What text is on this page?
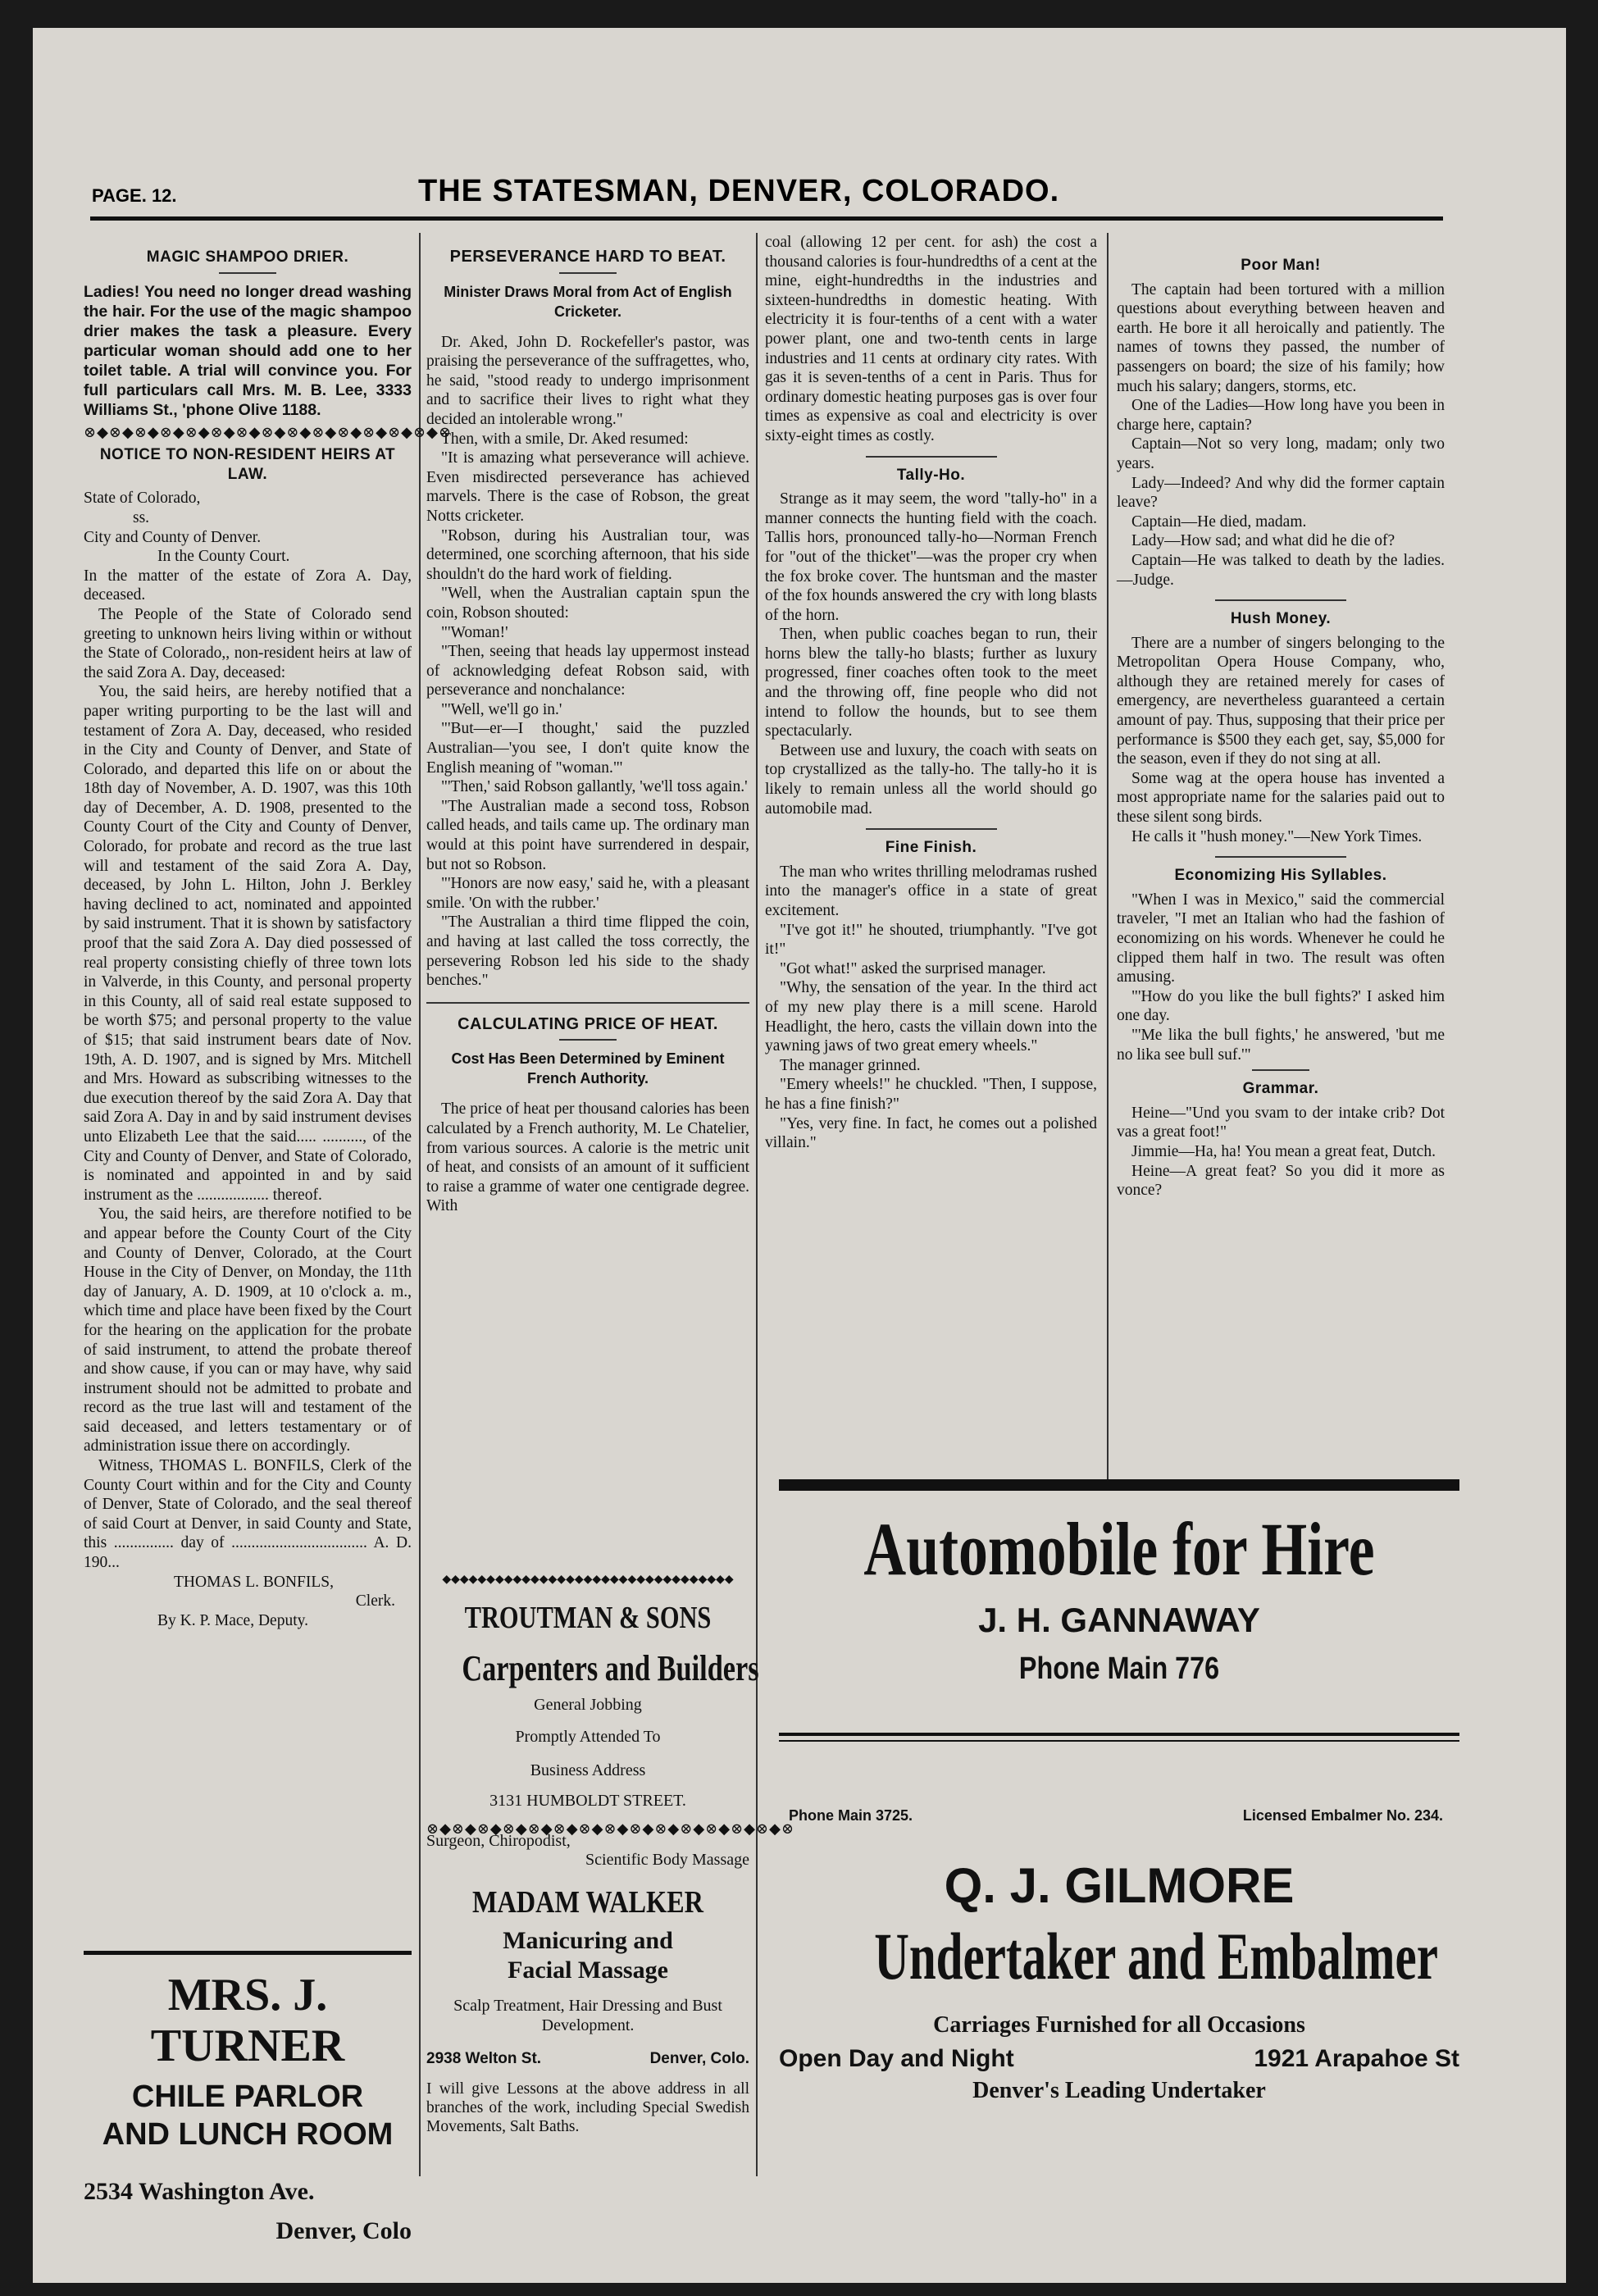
PAGE. 12.	THE STATESMAN, DENVER, COLORADO.
MAGIC SHAMPOO DRIER.

Ladies! You need no longer dread washing the hair. For the use of the magic shampoo drier makes the task a pleasure. Every particular woman should add one to her toilet table. A trial will convince you. For full particulars call Mrs. M. B. Lee, 3333 Williams St., 'phone Olive 1188.

⊗◆⊗◆⊗◆⊗◆⊗◆⊗◆⊗◆⊗◆⊗◆⊗◆⊗◆⊗◆⊗◆⊗◆⊗
NOTICE TO NON-RESIDENT HEIRS AT LAW.

State of Colorado,

ss.

City and County of Denver.

In the County Court.

In the matter of the estate of Zora A. Day, deceased.

The People of the State of Colorado send greeting to unknown heirs living within or without the State of Colorado,, non-resident heirs at law of the said Zora A. Day, deceased:

You, the said heirs, are hereby notified that a paper writing purporting to be the last will and testament of Zora A. Day, deceased, who resided in the City and County of Denver, and State of Colorado, and departed this life on or about the 18th day of November, A. D. 1907, was this 10th day of December, A. D. 1908, presented to the County Court of the City and County of Denver, Colorado, for probate and record as the true last will and testament of the said Zora A. Day, deceased, by John L. Hilton, John J. Berkley having declined to act, nominated and appointed by said instrument. That it is shown by satisfactory proof that the said Zora A. Day died possessed of real property consisting chiefly of three town lots in Valverde, in this County, and personal property in this County, all of said real estate supposed to be worth $75; and personal property to the value of $15; that said instrument bears date of Nov. 19th, A. D. 1907, and is signed by Mrs. Mitchell and Mrs. Howard as subscribing witnesses to the due execution thereof by the said Zora A. Day that said Zora A. Day in and by said instrument devises unto Elizabeth Lee that the said..... .........., of the City and County of Denver, and State of Colorado, is nominated and appointed in and by said instrument as the .................. thereof.

You, the said heirs, are therefore notified to be and appear before the County Court of the City and County of Denver, Colorado, at the Court House in the City of Denver, on Monday, the 11th day of January, A. D. 1909, at 10 o'clock a. m., which time and place have been fixed by the Court for the hearing on the application for the probate of said instrument, to attend the probate thereof and show cause, if you can or may have, why said instrument should not be admitted to probate and record as the true last will and testament of the said deceased, and letters testamentary or of administration issue there on accordingly.

Witness, THOMAS L. BONFILS, Clerk of the County Court within and for the City and County of Denver, State of Colorado, and the seal thereof of said Court at Denver, in said County and State, this ............... day of .................................. A. D. 190...

THOMAS L. BONFILS,

Clerk.

By K. P. Mace, Deputy.

MRS. J. TURNER
CHILE PARLOR
AND LUNCH ROOM
2534 Washington Ave.
Denver, Colo
PERSEVERANCE HARD TO BEAT.
Minister Draws Moral from Act of English Cricketer.

Dr. Aked, John D. Rockefeller's pastor, was praising the perseverance of the suffragettes, who, he said, "stood ready to undergo imprisonment and to sacrifice their lives to right what they decided an intolerable wrong."

Then, with a smile, Dr. Aked resumed:

"It is amazing what perseverance will achieve. Even misdirected perseverance has achieved marvels. There is the case of Robson, the great Notts cricketer.

"Robson, during his Australian tour, was determined, one scorching afternoon, that his side shouldn't do the hard work of fielding.

"Well, when the Australian captain spun the coin, Robson shouted:

"'Woman!'

"Then, seeing that heads lay uppermost instead of acknowledging defeat Robson said, with perseverance and nonchalance:

"'Well, we'll go in.'

"'But—er—I thought,' said the puzzled Australian—'you see, I don't quite know the English meaning of "woman."'

"'Then,' said Robson gallantly, 'we'll toss again.'

"The Australian made a second toss, Robson called heads, and tails came up. The ordinary man would at this point have surrendered in despair, but not so Robson.

"'Honors are now easy,' said he, with a pleasant smile. 'On with the rubber.'

"The Australian a third time flipped the coin, and having at last called the toss correctly, the persevering Robson led his side to the shady benches."

CALCULATING PRICE OF HEAT.
Cost Has Been Determined by Eminent French Authority.

The price of heat per thousand calories has been calculated by a French authority, M. Le Chatelier, from various sources. A calorie is the metric unit of heat, and consists of an amount of it sufficient to raise a gramme of water one centigrade degree. With

◆◆◆◆◆◆◆◆◆◆◆◆◆◆◆◆◆◆◆◆◆◆◆◆◆◆◆◆◆◆◆◆◆
TROUTMAN & SONS
Carpenters and Builders
General Jobbing
Promptly Attended To
Business Address
3131 HUMBOLDT STREET.
⊗◆⊗◆⊗◆⊗◆⊗◆⊗◆⊗◆⊗◆⊗◆⊗◆⊗◆⊗◆⊗◆⊗◆⊗
Surgeon, Chiropodist,
Scientific Body Massage
MADAM WALKER
Manicuring and
Facial Massage
Scalp Treatment, Hair Dressing and Bust Development.
2938 Welton St.	Denver, Colo.
I will give Lessons at the above address in all branches of the work, including Special Swedish Movements, Salt Baths.

coal (allowing 12 per cent. for ash) the cost a thousand calories is four-hundredths of a cent at the mine, eight-hundredths in the industries and sixteen-hundredths in domestic heating. With electricity it is four-tenths of a cent with a water power plant, one and two-tenth cents in large industries and 11 cents at ordinary city rates. With gas it is seven-tenths of a cent in Paris. Thus for ordinary domestic heating purposes gas is over four times as expensive as coal and electricity is over sixty-eight times as costly.

Tally-Ho.

Strange as it may seem, the word "tally-ho" in a manner connects the hunting field with the coach. Tallis hors, pronounced tally-ho—Norman French for "out of the thicket"—was the proper cry when the fox broke cover. The huntsman and the master of the fox hounds answered the cry with long blasts of the horn.

Then, when public coaches began to run, their horns blew the tally-ho blasts; further as luxury progressed, finer coaches often took to the meet and the throwing off, fine people who did not intend to follow the hounds, but to see them spectacularly.

Between use and luxury, the coach with seats on top crystallized as the tally-ho. The tally-ho it is likely to remain unless all the world should go automobile mad.

Fine Finish.

The man who writes thrilling melodramas rushed into the manager's office in a state of great excitement.

"I've got it!" he shouted, triumphantly. "I've got it!"

"Got what!" asked the surprised manager.

"Why, the sensation of the year. In the third act of my new play there is a mill scene. Harold Headlight, the hero, casts the villain down into the yawning jaws of two great emery wheels."

The manager grinned.

"Emery wheels!" he chuckled. "Then, I suppose, he has a fine finish?"

"Yes, very fine. In fact, he comes out a polished villain."

Poor Man!

The captain had been tortured with a million questions about everything between heaven and earth. He bore it all heroically and patiently. The names of towns they passed, the number of passengers on board; the size of his family; how much his salary; dangers, storms, etc.

One of the Ladies—How long have you been in charge here, captain?

Captain—Not so very long, madam; only two years.

Lady—Indeed? And why did the former captain leave?

Captain—He died, madam.

Lady—How sad; and what did he die of?

Captain—He was talked to death by the ladies.—Judge.

Hush Money.

There are a number of singers belonging to the Metropolitan Opera House Company, who, although they are retained merely for cases of emergency, are nevertheless guaranteed a certain amount of pay. Thus, supposing that their price per performance is $500 they each get, say, $5,000 for the season, even if they do not sing at all.

Some wag at the opera house has invented a most appropriate name for the salaries paid out to these silent song birds.

He calls it "hush money."—New York Times.

Economizing His Syllables.

"When I was in Mexico," said the commercial traveler, "I met an Italian who had the fashion of economizing on his words. Whenever he could he clipped them half in two. The result was often amusing.

"'How do you like the bull fights?' I asked him one day.

"'Me lika the bull fights,' he answered, 'but me no lika see bull suf.'"

Grammar.

Heine—"Und you svam to der intake crib? Dot vas a great foot!"

Jimmie—Ha, ha! You mean a great feat, Dutch.

Heine—A great feat? So you did it more as vonce?

Automobile for Hire
J. H. GANNAWAY
Phone Main 776
Phone Main 3725.	Licensed Embalmer No. 234.
Q. J. GILMORE
Undertaker and Embalmer
Carriages Furnished for all Occasions
Open Day and Night	1921 Arapahoe St
Denver's Leading Undertaker
